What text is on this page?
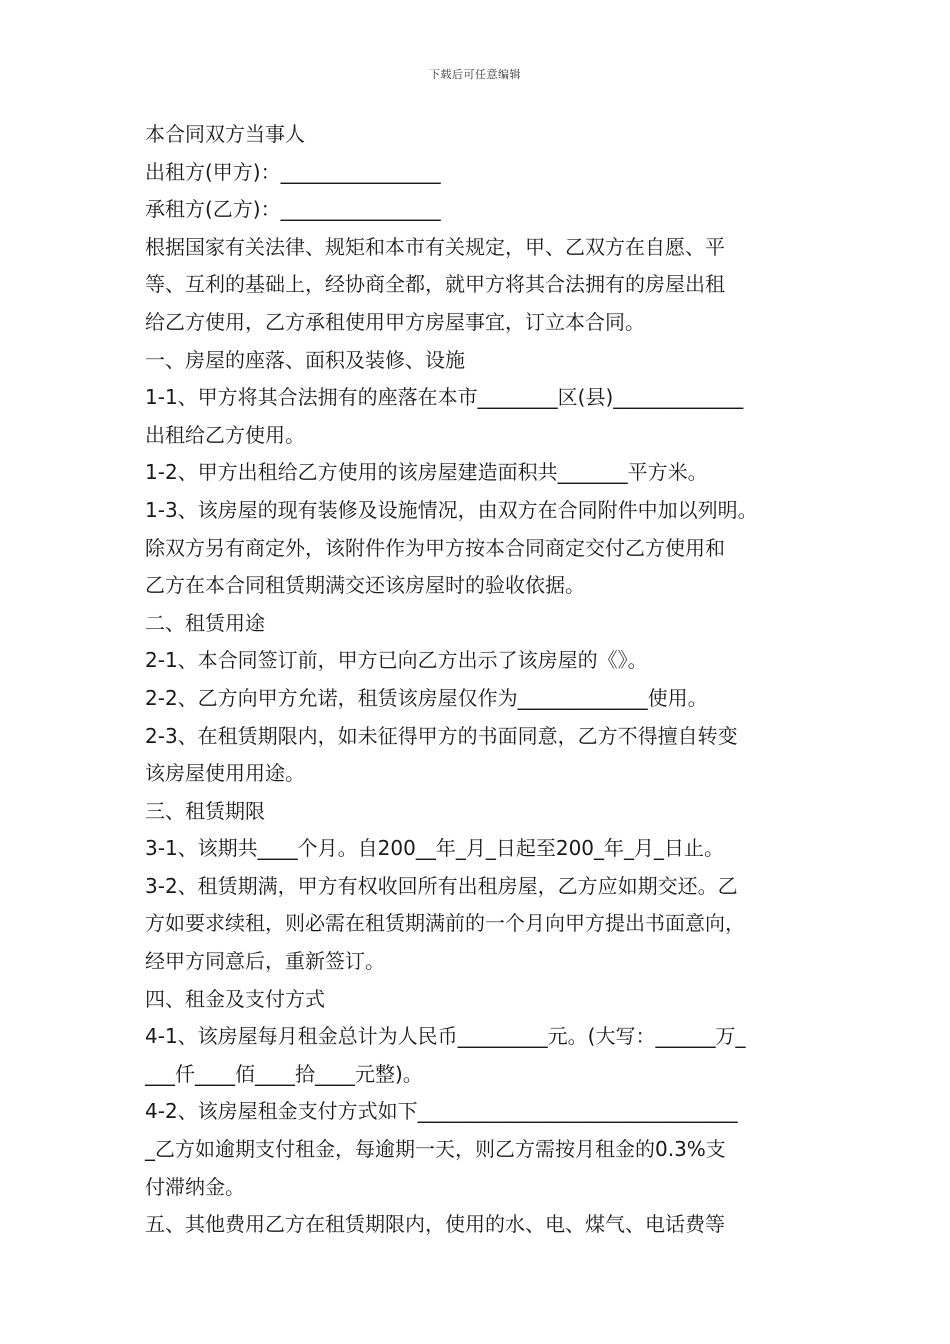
下载后可任意编辑
本合同双方当事人
出租方(甲方)：________________
承租方(乙方)：________________
根据国家有关法律、规矩和本市有关规定，甲、乙双方在自愿、平
等、互利的基础上，经协商全都，就甲方将其合法拥有的房屋出租
给乙方使用，乙方承租使用甲方房屋事宜，订立本合同。
一、房屋的座落、面积及装修、设施
1-1、甲方将其合法拥有的座落在本市________区(县)_____________
出租给乙方使用。
1-2、甲方出租给乙方使用的该房屋建造面积共_______平方米。
1-3、该房屋的现有装修及设施情况，由双方在合同附件中加以列明。
除双方另有商定外，该附件作为甲方按本合同商定交付乙方使用和
乙方在本合同租赁期满交还该房屋时的验收依据。
二、租赁用途
2-1、本合同签订前，甲方已向乙方出示了该房屋的《》。
2-2、乙方向甲方允诺，租赁该房屋仅作为_____________使用。
2-3、在租赁期限内，如未征得甲方的书面同意，乙方不得擅自转变
该房屋使用用途。
三、租赁期限
3-1、该期共____个月。自200__年_月_日起至200_年_月_日止。
3-2、租赁期满，甲方有权收回所有出租房屋，乙方应如期交还。乙
方如要求续租，则必需在租赁期满前的一个月向甲方提出书面意向，
经甲方同意后，重新签订。
四、租金及支付方式
4-1、该房屋每月租金总计为人民币_________元。(大写：______万_
___仟____佰____拾____元整)。
4-2、该房屋租金支付方式如下________________________________
_乙方如逾期支付租金，每逾期一天，则乙方需按月租金的0.3%支
付滞纳金。
五、其他费用乙方在租赁期限内，使用的水、电、煤气、电话费等
